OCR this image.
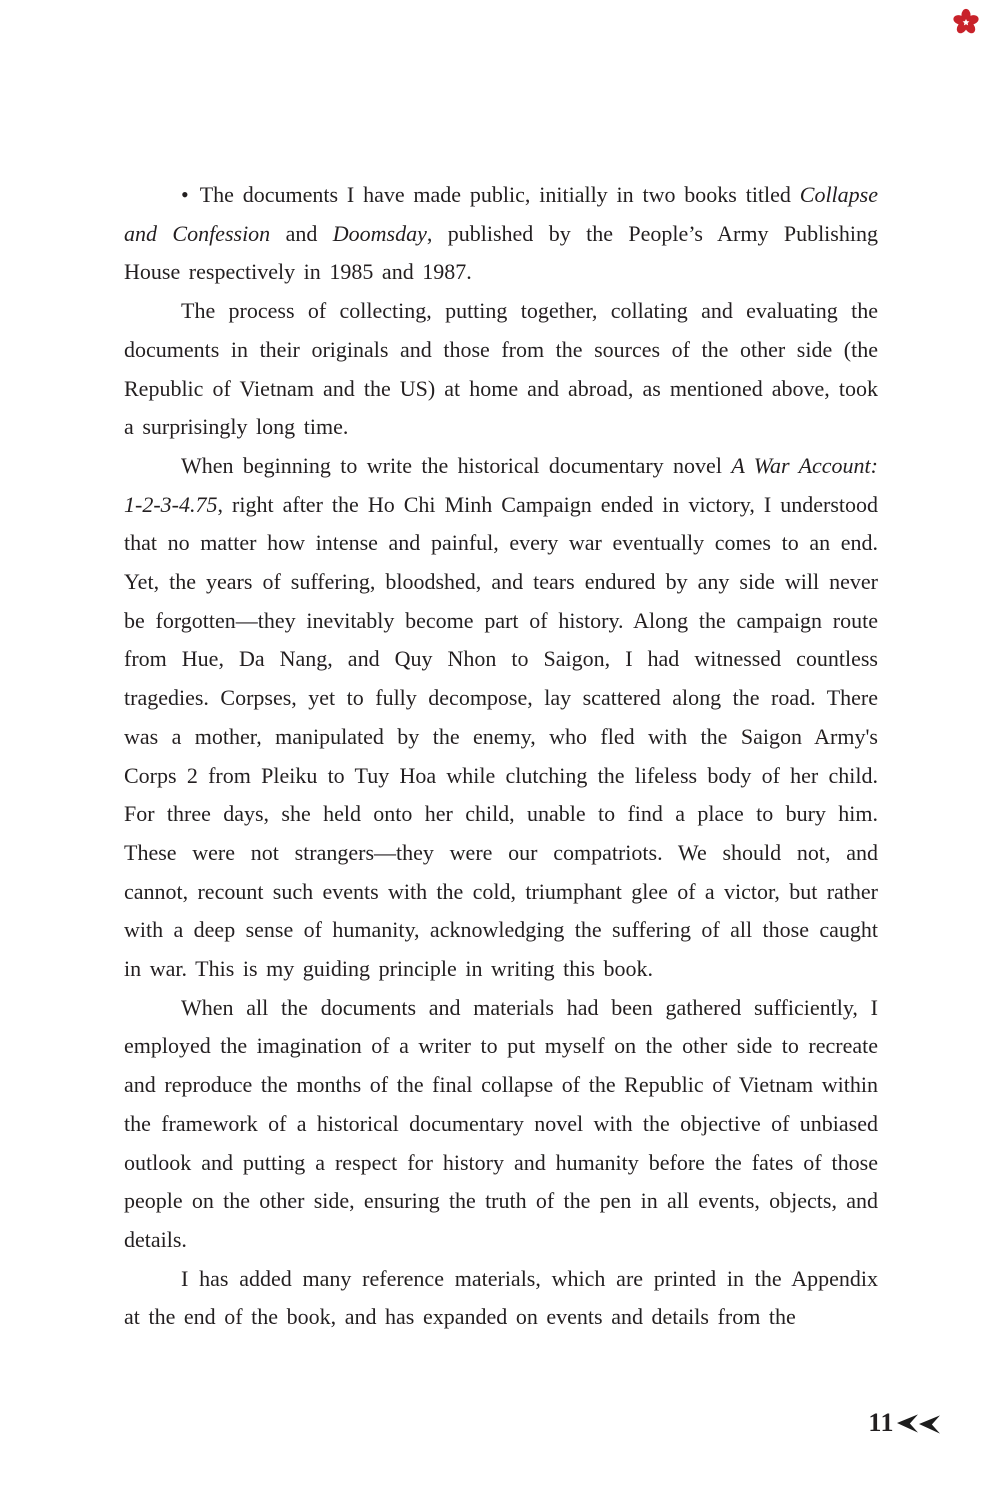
• The documents I have made public, initially in two books titled Collapse and Confession and Doomsday, published by the People’s Army Publishing House respectively in 1985 and 1987.

The process of collecting, putting together, collating and evaluating the documents in their originals and those from the sources of the other side (the Republic of Vietnam and the US) at home and abroad, as mentioned above, took a surprisingly long time.

When beginning to write the historical documentary novel A War Account: 1-2-3-4.75, right after the Ho Chi Minh Campaign ended in victory, I understood that no matter how intense and painful, every war eventually comes to an end. Yet, the years of suffering, bloodshed, and tears endured by any side will never be forgotten—they inevitably become part of history. Along the campaign route from Hue, Da Nang, and Quy Nhon to Saigon, I had witnessed countless tragedies. Corpses, yet to fully decompose, lay scattered along the road. There was a mother, manipulated by the enemy, who fled with the Saigon Army's Corps 2 from Pleiku to Tuy Hoa while clutching the lifeless body of her child. For three days, she held onto her child, unable to find a place to bury him. These were not strangers—they were our compatriots. We should not, and cannot, recount such events with the cold, triumphant glee of a victor, but rather with a deep sense of humanity, acknowledging the suffering of all those caught in war. This is my guiding principle in writing this book.

When all the documents and materials had been gathered sufficiently, I employed the imagination of a writer to put myself on the other side to recreate and reproduce the months of the final collapse of the Republic of Vietnam within the framework of a historical documentary novel with the objective of unbiased outlook and putting a respect for history and humanity before the fates of those people on the other side, ensuring the truth of the pen in all events, objects, and details.

I has added many reference materials, which are printed in the Appendix at the end of the book, and has expanded on events and details from the

11
